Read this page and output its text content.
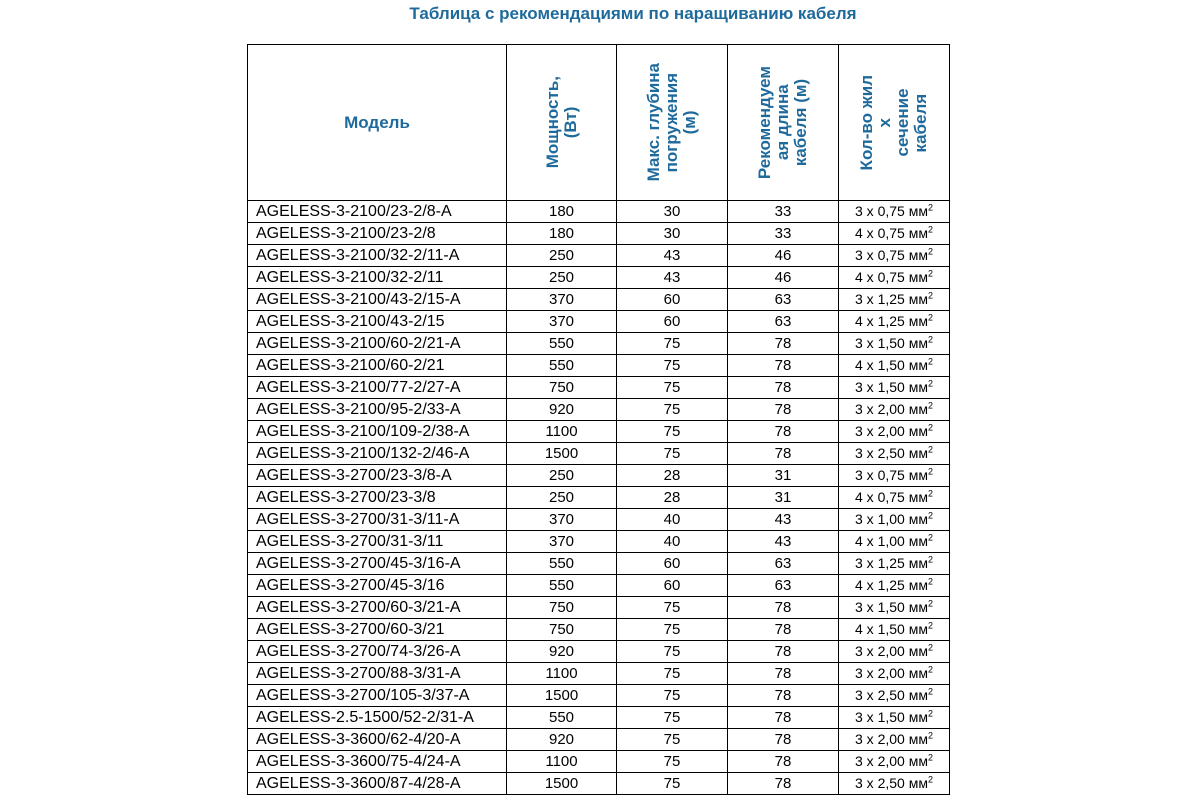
Таблица с рекомендациями по наращиванию кабеля
Модель	Мощность, (Вт)	Макс. глубина погружения (м)	Рекомендуем ая длина кабеля (м)	Кол-во жил х сечение кабеля

AGELESS-3-2100/23-2/8-A	180	30	33	3 х 0,75 $мм^2$
AGELESS-3-2100/23-2/8	180	30	33	4 х 0,75 $мм^2$
AGELESS-3-2100/32-2/11-A	250	43	46	3 х 0,75 $мм^2$
AGELESS-3-2100/32-2/11	250	43	46	4 х 0,75 $мм^2$
AGELESS-3-2100/43-2/15-A	370	60	63	3 х 1,25 $мм^2$
AGELESS-3-2100/43-2/15	370	60	63	4 х 1,25 $мм^2$
AGELESS-3-2100/60-2/21-A	550	75	78	3 х 1,50 $мм^2$
AGELESS-3-2100/60-2/21	550	75	78	4 х 1,50 $мм^2$
AGELESS-3-2100/77-2/27-A	750	75	78	3 х 1,50 $мм^2$
AGELESS-3-2100/95-2/33-A	920	75	78	3 х 2,00 $мм^2$
AGELESS-3-2100/109-2/38-A	1100	75	78	3 х 2,00 $мм^2$
AGELESS-3-2100/132-2/46-A	1500	75	78	3 х 2,50 $мм^2$
AGELESS-3-2700/23-3/8-A	250	28	31	3 х 0,75 $мм^2$
AGELESS-3-2700/23-3/8	250	28	31	4 х 0,75 $мм^2$
AGELESS-3-2700/31-3/11-A	370	40	43	3 х 1,00 $мм^2$
AGELESS-3-2700/31-3/11	370	40	43	4 х 1,00 $мм^2$
AGELESS-3-2700/45-3/16-A	550	60	63	3 х 1,25 $мм^2$
AGELESS-3-2700/45-3/16	550	60	63	4 х 1,25 $мм^2$
AGELESS-3-2700/60-3/21-A	750	75	78	3 х 1,50 $мм^2$
AGELESS-3-2700/60-3/21	750	75	78	4 х 1,50 $мм^2$
AGELESS-3-2700/74-3/26-A	920	75	78	3 х 2,00 $мм^2$
AGELESS-3-2700/88-3/31-A	1100	75	78	3 х 2,00 $мм^2$
AGELESS-3-2700/105-3/37-A	1500	75	78	3 х 2,50 $мм^2$
AGELESS-2.5-1500/52-2/31-A	550	75	78	3 х 1,50 $мм^2$
AGELESS-3-3600/62-4/20-A	920	75	78	3 х 2,00 $мм^2$
AGELESS-3-3600/75-4/24-A	1100	75	78	3 х 2,00 $мм^2$
AGELESS-3-3600/87-4/28-A	1500	75	78	3 х 2,50 $мм^2$
